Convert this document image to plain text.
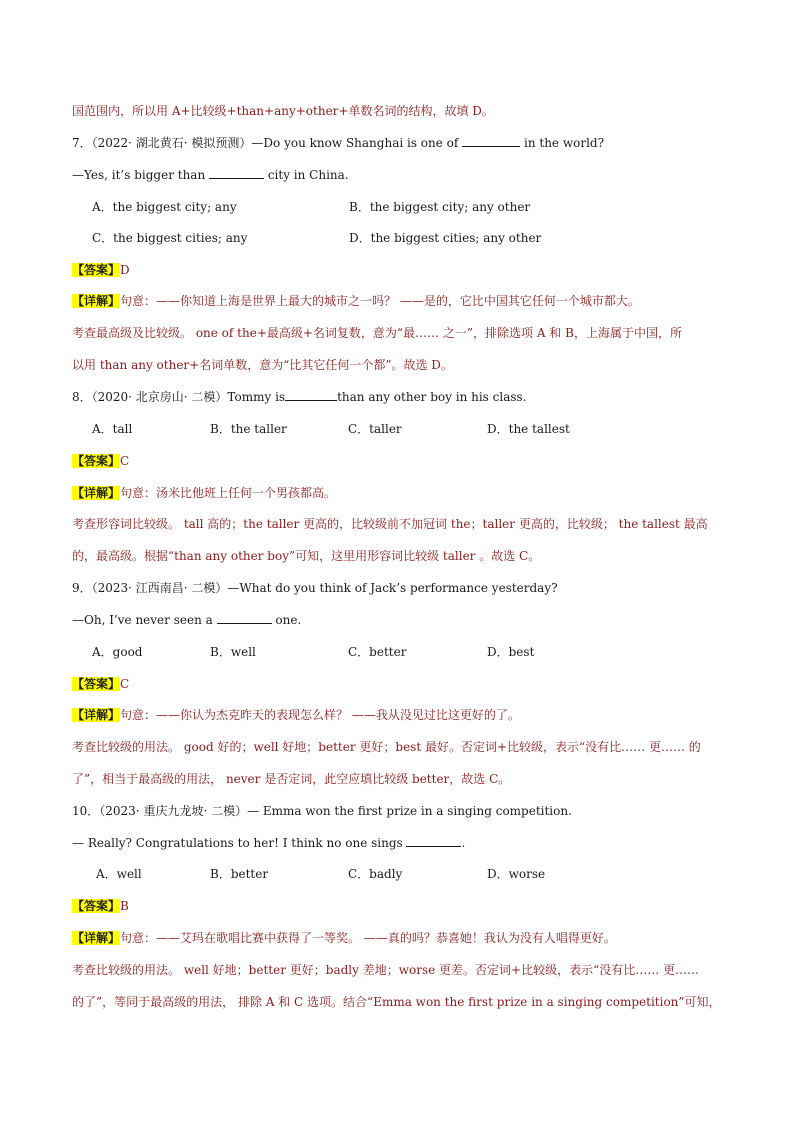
国范围内，所以用 A+比较级+than+any+other+单数名词的结构，故填 D。
7．（2022· 湖北黄石· 模拟预测）—Do you know Shanghai is one of	in the world?
—Yes, it’s bigger than	city in China.
A．the biggest city; any	B．the biggest city; any other
C．the biggest cities; any	D．the biggest cities; any other
【答案】D
【详解】句意：——你知道上海是世界上最大的城市之一吗？ ——是的，它比中国其它任何一个城市都大。
考查最高级及比较级。 one of the+最高级+名词复数，意为“最…… 之一”，排除选项 A 和 B，上海属于中国，所
以用 than any other+名词单数，意为“比其它任何一个都”。故选 D。
8．（2020· 北京房山· 二模）Tommy is	than any other boy in his class.
A．tall	B．the taller	C．taller	D．the tallest
【答案】C
【详解】句意：汤米比他班上任何一个男孩都高。
考查形容词比较级。 tall 高的；the taller 更高的，比较级前不加冠词 the；taller 更高的，比较级； the tallest 最高
的，最高级。根据“than any other boy”可知，这里用形容词比较级 taller 。故选 C。
9．（2023· 江西南昌· 二模）—What do you think of Jack’s performance yesterday?
—Oh, I’ve never seen a	one.
A．good	B．well	C．better	D．best
【答案】C
【详解】句意：——你认为杰克昨天的表现怎么样？ ——我从没见过比这更好的了。
考查比较级的用法。 good 好的；well 好地；better 更好；best 最好。否定词+比较级，表示“没有比…… 更…… 的
了”，相当于最高级的用法， never 是否定词，此空应填比较级 better，故选 C。
10．（2023· 重庆九龙坡· 二模）— Emma won the first prize in a singing competition.
— Really? Congratulations to her! I think no one sings	.
A．well	B．better	C．badly	D．worse
【答案】B
【详解】句意：——艾玛在歌唱比赛中获得了一等奖。 ——真的吗？恭喜她！我认为没有人唱得更好。
考查比较级的用法。 well 好地；better 更好；badly 差地；worse 更差。否定词+比较级，表示“没有比…… 更……
的了”，等同于最高级的用法， 排除 A 和 C 选项。结合“Emma won the first prize in a singing competition”可知，
